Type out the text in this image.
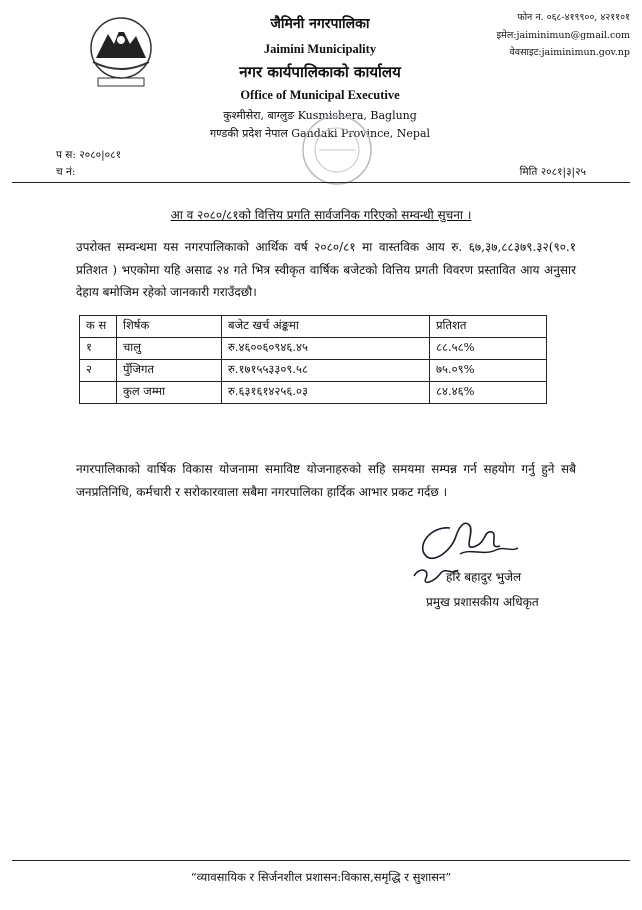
जैमिनी नगरपालिका
Jaimini Municipality
नगर कार्यपालिकाको कार्यालय
Office of Municipal Executive
कुश्मीसेरा, बाग्लुङ Kusmishera, Baglung
गण्डकी प्रदेश नेपाल Gandaki Province, Nepal
फोन न. ०६८-४१९९००, ४२११०१
इमेल:jaiminimun@gmail.com
वेवसाइट:jaiminimun.gov.np
प स: २०८०|०८१
च नं:	मिति २०८१|३|२५
आ व २०८०/८१को वित्तिय प्रगति सार्वजनिक गरिएको सम्वन्धी सुचना ।
उपरोक्त सम्वन्धमा यस नगरपालिकाको आर्थिक वर्ष २०८०/८१ मा वास्तविक आय रु. ६७,३७,८८३७९.३२(९०.१ प्रतिशत ) भएकोमा यहि असाढ २४ गते भित्र स्वीकृत वार्षिक बजेटको वित्तिय प्रगती विवरण प्रस्तावित आय अनुसार देहाय बमोजिम रहेको जानकारी गराउँदछौ।
क स	शिर्षक	बजेट खर्च अंङ्कमा	प्रतिशत
१	चालु	रु.४६००६०९४६.४५	८८.५८%
२	पुँजिगत	रु.१७१५५३३०९.५८	७५.०९%
	कुल जम्मा	रु.६३१६१४२५६.०३	८४.४६%
नगरपालिकाको वार्षिक विकास योजनामा समाविष्ट योजनाहरुको सहि समयमा सम्पन्न गर्न सहयोग गर्नु हुने सबै जनप्रतिनिधि, कर्मचारी र सरोकारवाला सबैमा नगरपालिका हार्दिक आभार प्रकट गर्दछ ।
हरि बहादुर भुजेल
प्रमुख प्रशासकीय अधिकृत
“व्यावसायिक र सिर्जनशील प्रशासन:विकास,समृद्धि र सुशासन”
